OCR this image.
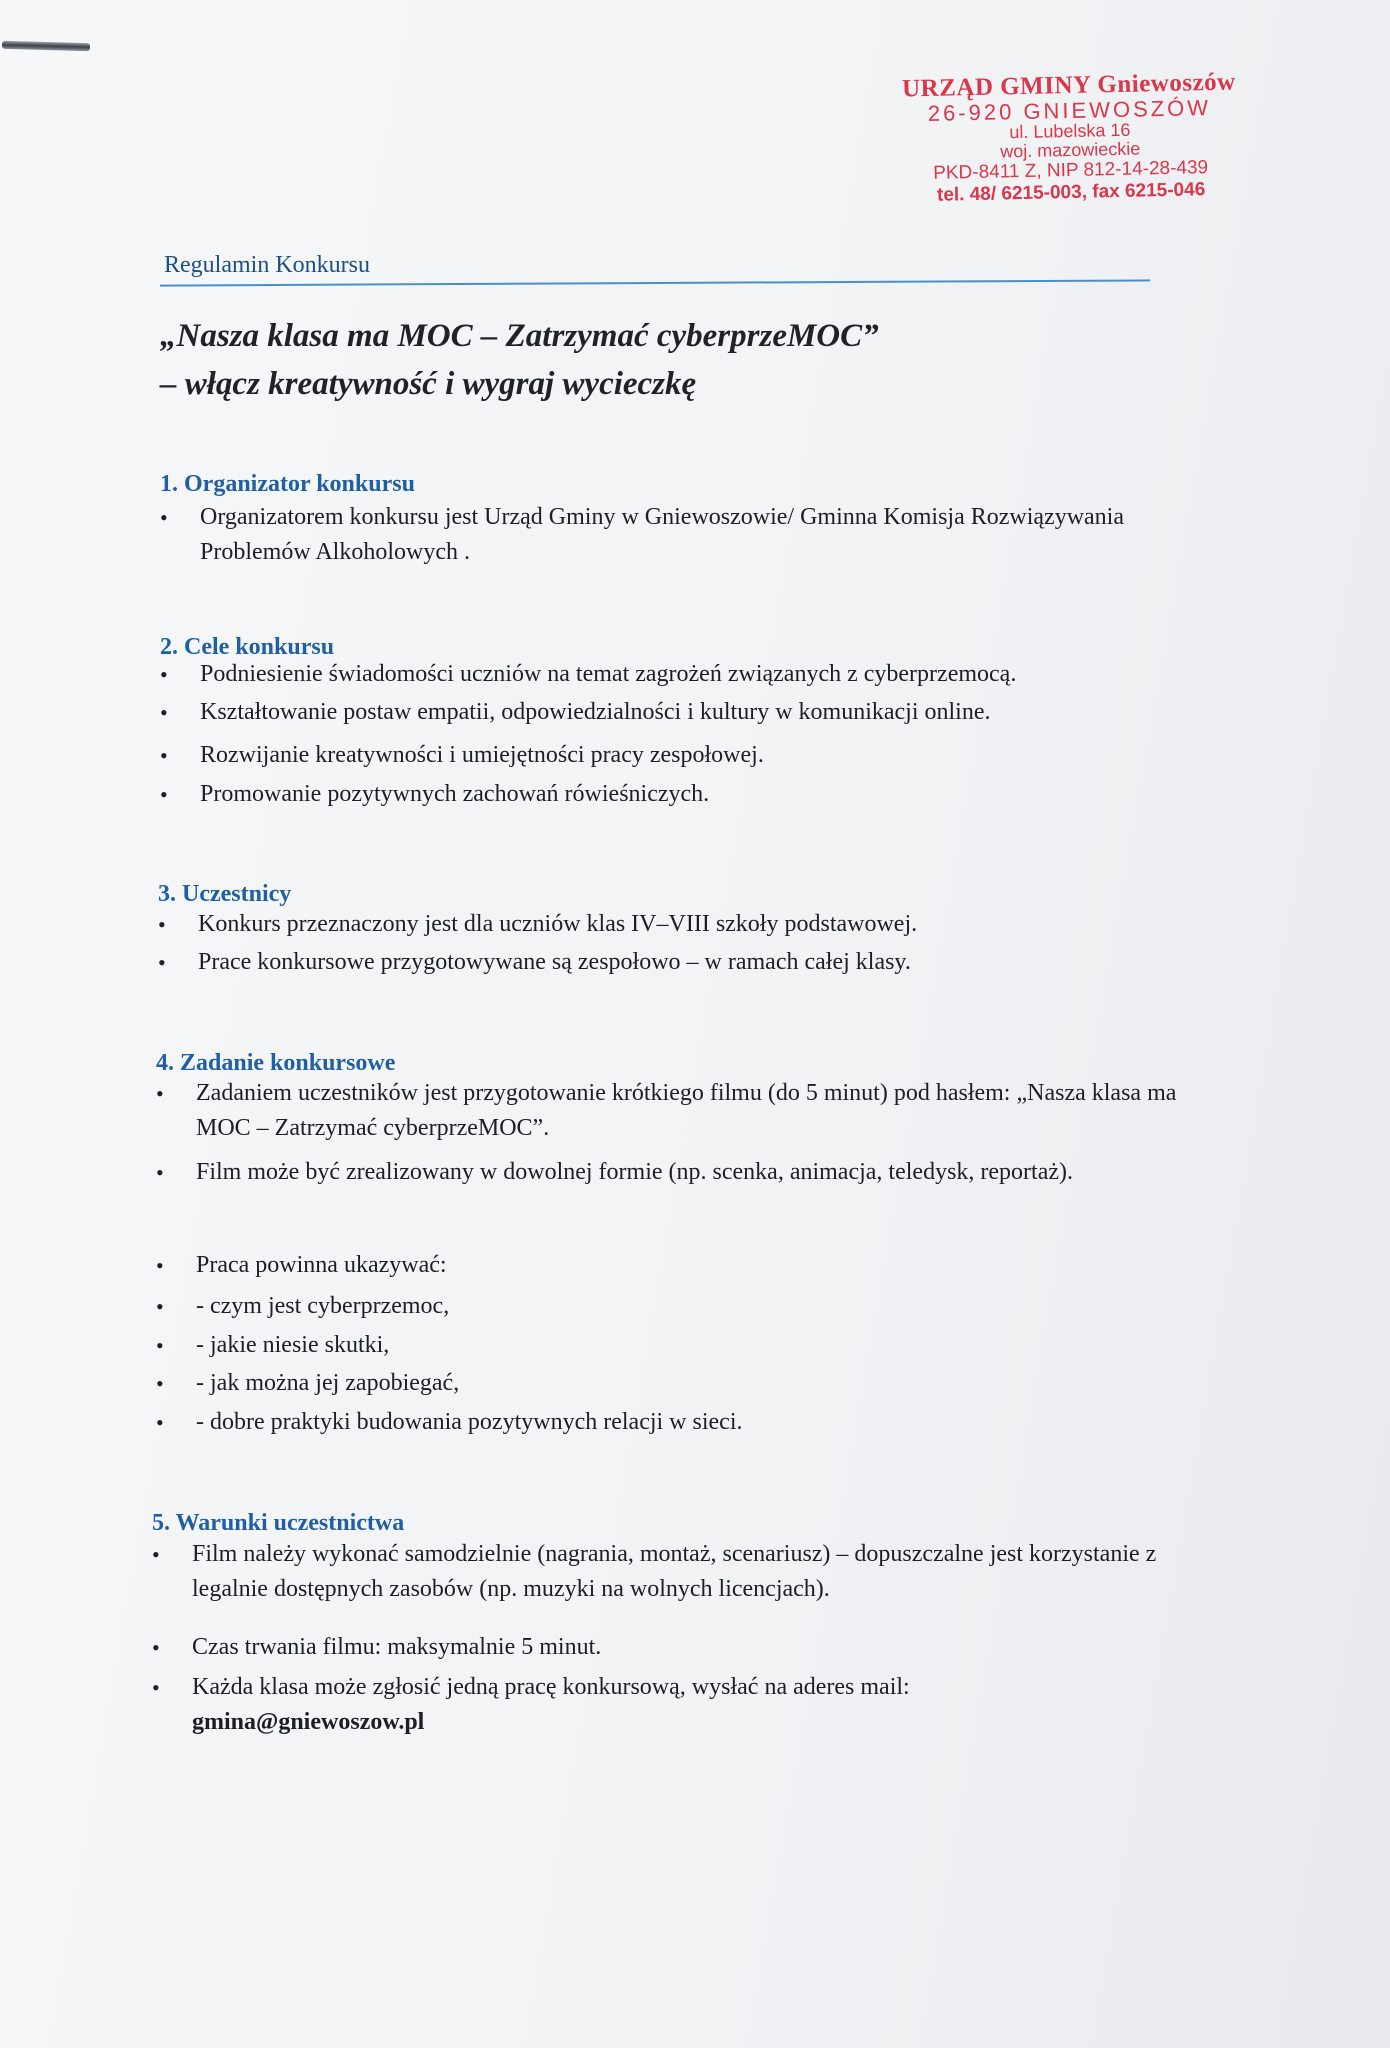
URZĄD GMINY Gniewoszów
26-920 GNIEWOSZÓW
ul. Lubelska 16
woj. mazowieckie
PKD-8411 Z, NIP 812-14-28-439
tel. 48/ 6215-003, fax 6215-046
Regulamin Konkursu
„Nasza klasa ma MOC – Zatrzymać cyberprzeMOC”
– włącz kreatywność i wygraj wycieczkę
1. Organizator konkursu
• Organizatorem konkursu jest Urząd Gminy w Gniewoszowie/ Gminna Komisja Rozwiązywania Problemów Alkoholowych .
2. Cele konkursu
• Podniesienie świadomości uczniów na temat zagrożeń związanych z cyberprzemocą.
• Kształtowanie postaw empatii, odpowiedzialności i kultury w komunikacji online.
• Rozwijanie kreatywności i umiejętności pracy zespołowej.
• Promowanie pozytywnych zachowań rówieśniczych.
3. Uczestnicy
• Konkurs przeznaczony jest dla uczniów klas IV–VIII szkoły podstawowej.
• Prace konkursowe przygotowywane są zespołowo – w ramach całej klasy.
4. Zadanie konkursowe
• Zadaniem uczestników jest przygotowanie krótkiego filmu (do 5 minut) pod hasłem: „Nasza klasa ma MOC – Zatrzymać cyberprzeMOC”.
• Film może być zrealizowany w dowolnej formie (np. scenka, animacja, teledysk, reportaż).
• Praca powinna ukazywać:
• - czym jest cyberprzemoc,
• - jakie niesie skutki,
• - jak można jej zapobiegać,
• - dobre praktyki budowania pozytywnych relacji w sieci.
5. Warunki uczestnictwa
• Film należy wykonać samodzielnie (nagrania, montaż, scenariusz) – dopuszczalne jest korzystanie z legalnie dostępnych zasobów (np. muzyki na wolnych licencjach).
• Czas trwania filmu: maksymalnie 5 minut.
• Każda klasa może zgłosić jedną pracę konkursową, wysłać na aderes mail:
gmina@gniewoszow.pl
